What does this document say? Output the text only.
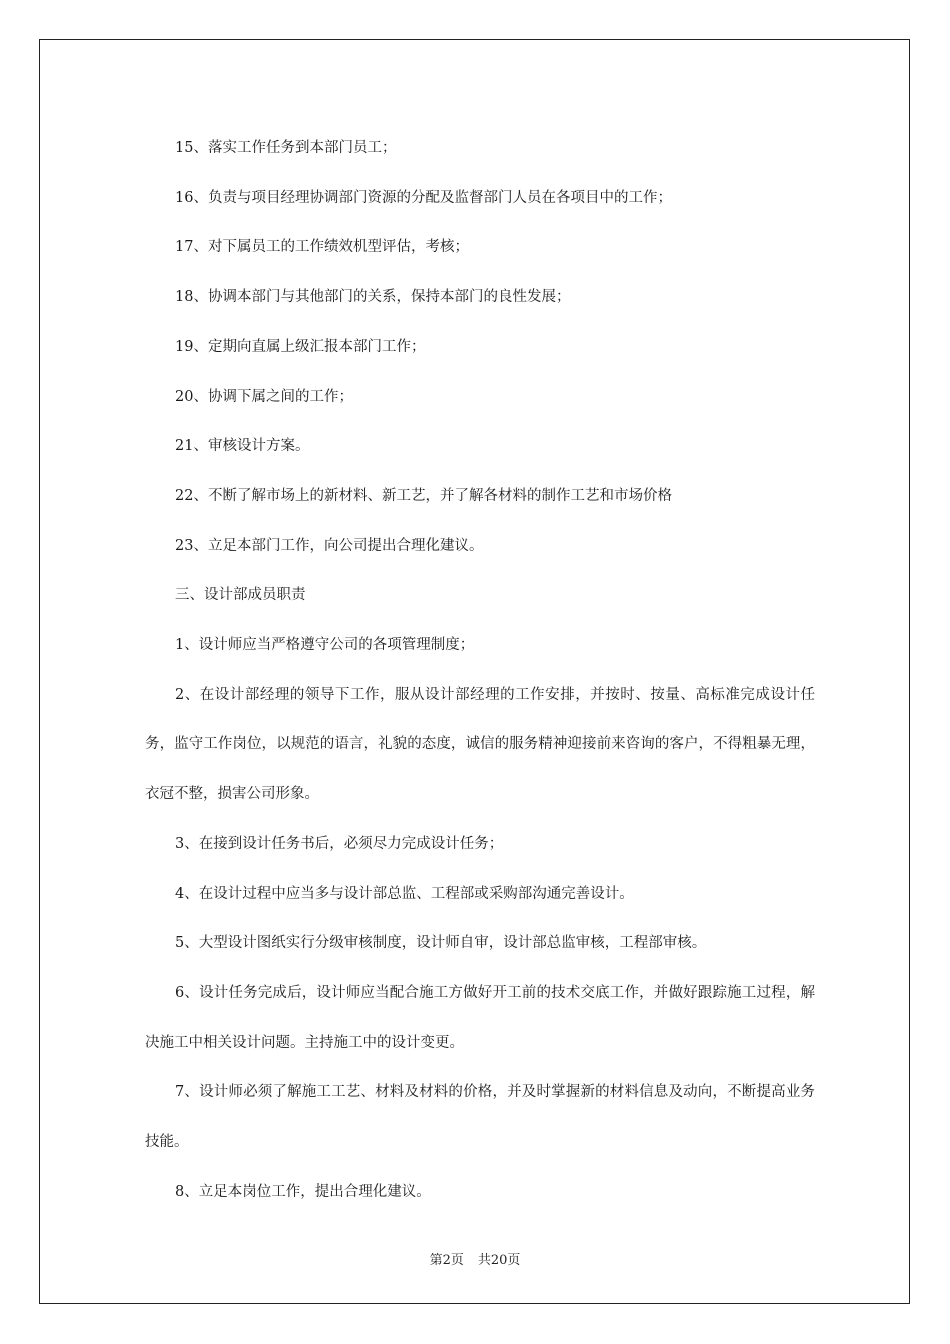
15、落实工作任务到本部门员工；

16、负责与项目经理协调部门资源的分配及监督部门人员在各项目中的工作；

17、对下属员工的工作绩效机型评估，考核；

18、协调本部门与其他部门的关系，保持本部门的良性发展；

19、定期向直属上级汇报本部门工作；

20、协调下属之间的工作；

21、审核设计方案。

22、不断了解市场上的新材料、新工艺，并了解各材料的制作工艺和市场价格

23、立足本部门工作，向公司提出合理化建议。

三、设计部成员职责

1、设计师应当严格遵守公司的各项管理制度；

2、在设计部经理的领导下工作，服从设计部经理的工作安排，并按时、按量、高标准完成设计任务，监守工作岗位，以规范的语言，礼貌的态度，诚信的服务精神迎接前来咨询的客户，不得粗暴无理，衣冠不整，损害公司形象。

3、在接到设计任务书后，必须尽力完成设计任务；

4、在设计过程中应当多与设计部总监、工程部或采购部沟通完善设计。

5、大型设计图纸实行分级审核制度，设计师自审，设计部总监审核，工程部审核。

6、设计任务完成后，设计师应当配合施工方做好开工前的技术交底工作，并做好跟踪施工过程，解决施工中相关设计问题。主持施工中的设计变更。

7、设计师必须了解施工工艺、材料及材料的价格，并及时掌握新的材料信息及动向，不断提高业务技能。

8、立足本岗位工作，提出合理化建议。

第2页 共20页
